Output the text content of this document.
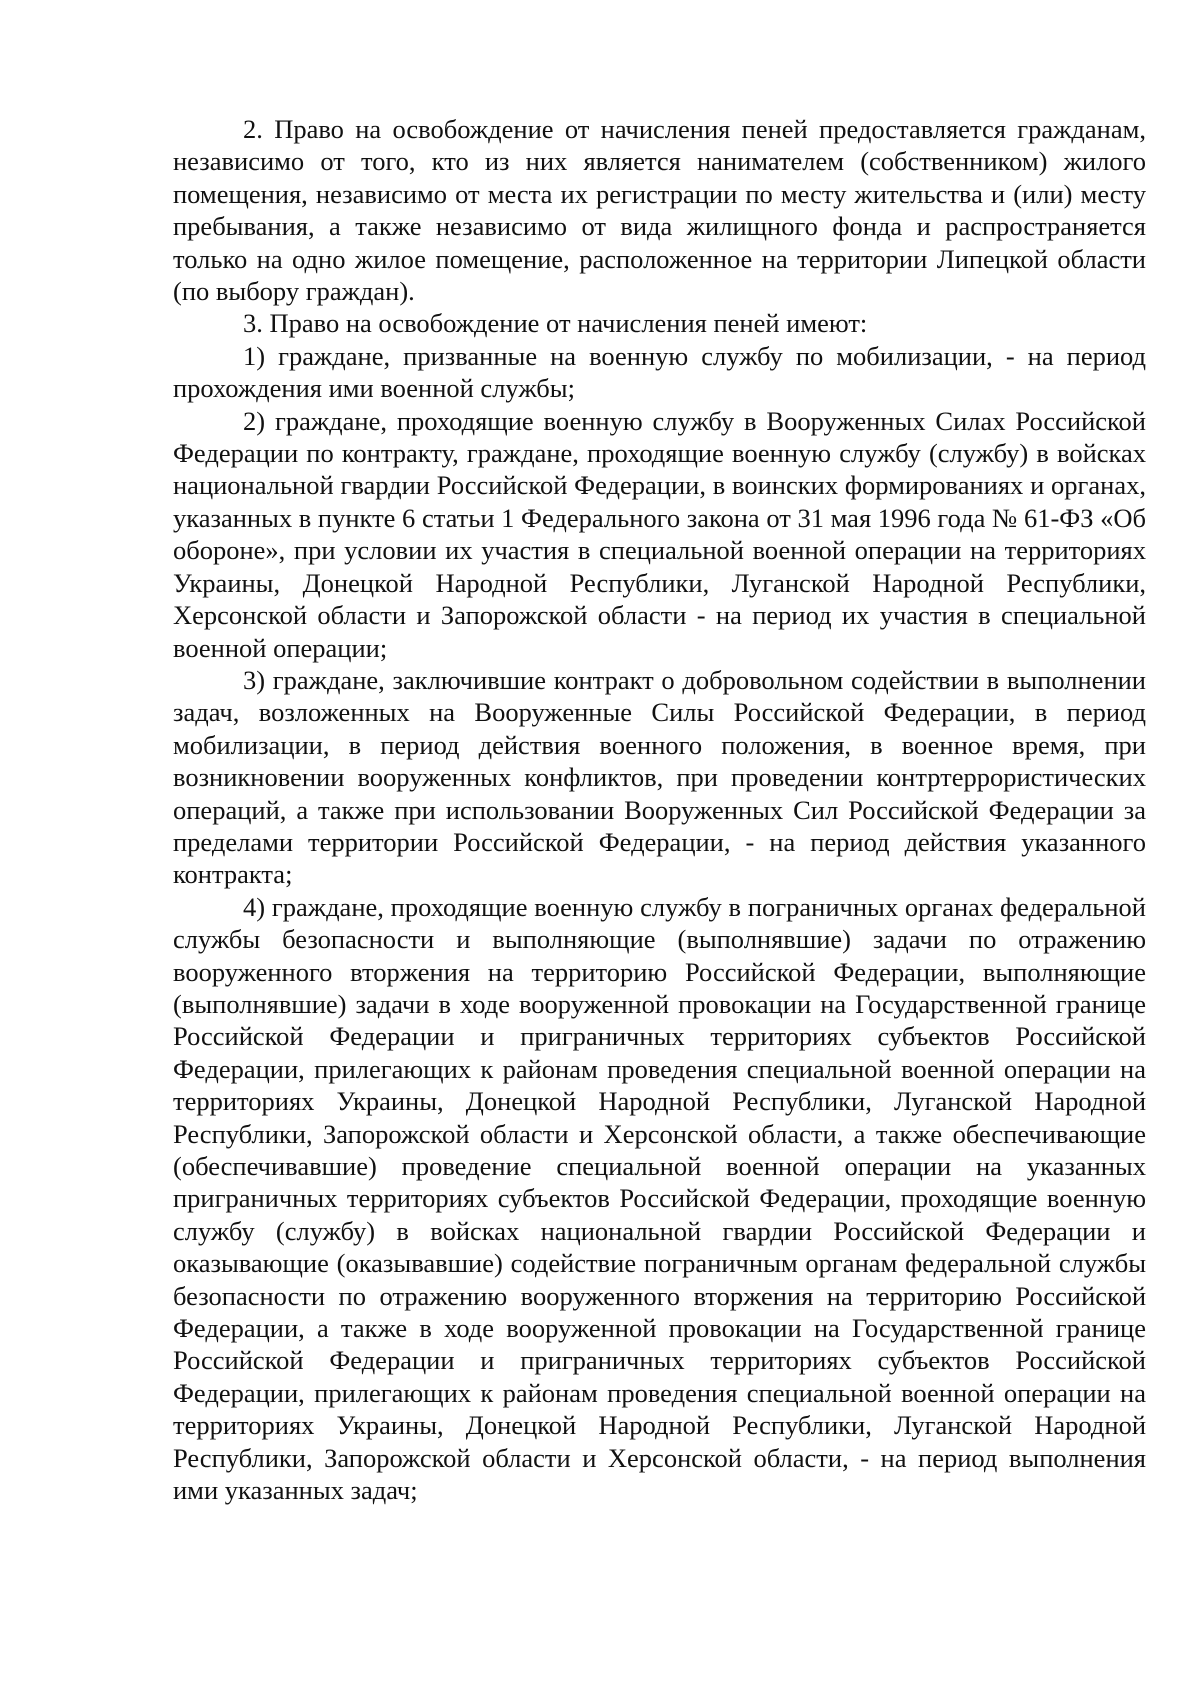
2. Право на освобождение от начисления пеней предоставляется гражданам, независимо от того, кто из них является нанимателем (собственником) жилого помещения, независимо от места их регистрации по месту жительства и (или) месту пребывания, а также независимо от вида жилищного фонда и распространяется только на одно жилое помещение, расположенное на территории Липецкой области (по выбору граждан).

3. Право на освобождение от начисления пеней имеют:

1) граждане, призванные на военную службу по мобилизации, - на период прохождения ими военной службы;

2) граждане, проходящие военную службу в Вооруженных Силах Российской Федерации по контракту, граждане, проходящие военную службу (службу) в войсках национальной гвардии Российской Федерации, в воинских формированиях и органах, указанных в пункте 6 статьи 1 Федерального закона от 31 мая 1996 года № 61-ФЗ «Об обороне», при условии их участия в специальной военной операции на территориях Украины, Донецкой Народной Республики, Луганской Народной Республики, Херсонской области и Запорожской области - на период их участия в специальной военной операции;

3) граждане, заключившие контракт о добровольном содействии в выполнении задач, возложенных на Вооруженные Силы Российской Федерации, в период мобилизации, в период действия военного положения, в военное время, при возникновении вооруженных конфликтов, при проведении контртеррористических операций, а также при использовании Вооруженных Сил Российской Федерации за пределами территории Российской Федерации, - на период действия указанного контракта;

4) граждане, проходящие военную службу в пограничных органах федеральной службы безопасности и выполняющие (выполнявшие) задачи по отражению вооруженного вторжения на территорию Российской Федерации, выполняющие (выполнявшие) задачи в ходе вооруженной провокации на Государственной границе Российской Федерации и приграничных территориях субъектов Российской Федерации, прилегающих к районам проведения специальной военной операции на территориях Украины, Донецкой Народной Республики, Луганской Народной Республики, Запорожской области и Херсонской области, а также обеспечивающие (обеспечивавшие) проведение специальной военной операции на указанных приграничных территориях субъектов Российской Федерации, проходящие военную службу (службу) в войсках национальной гвардии Российской Федерации и оказывающие (оказывавшие) содействие пограничным органам федеральной службы безопасности по отражению вооруженного вторжения на территорию Российской Федерации, а также в ходе вооруженной провокации на Государственной границе Российской Федерации и приграничных территориях субъектов Российской Федерации, прилегающих к районам проведения специальной военной операции на территориях Украины, Донецкой Народной Республики, Луганской Народной Республики, Запорожской области и Херсонской области, - на период выполнения ими указанных задач;
